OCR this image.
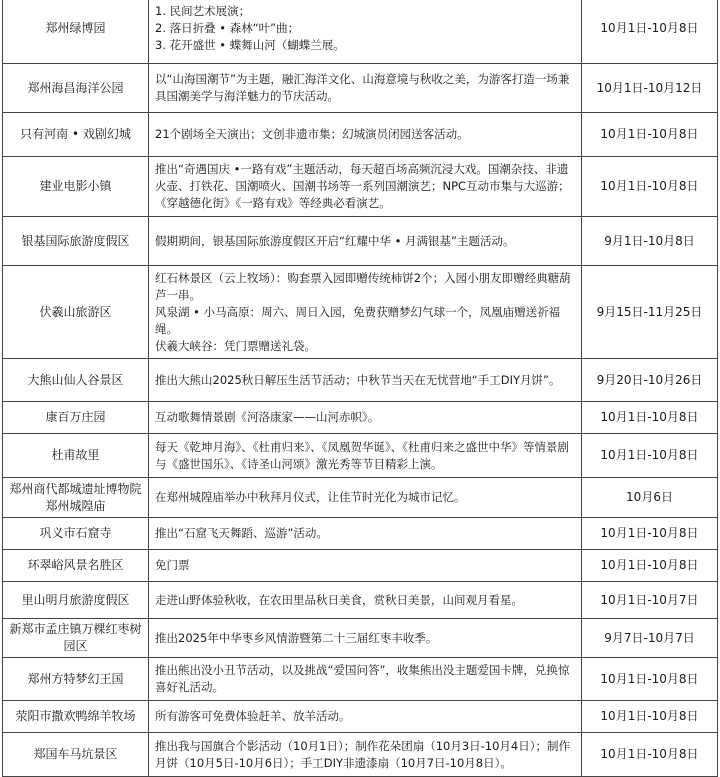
郑州绿博园	1. 民间艺术展演；
2. 落日折叠 • 森林“叶”曲；
3. 花开盛世 • 蝶舞山河（蝴蝶兰展。	10月1日-10月8日
郑州海昌海洋公园	以“山海国潮节”为主题，融汇海洋文化、山海意境与秋收之美，为游客打造一场兼具国潮美学与海洋魅力的节庆活动。	10月1日-10月12日
只有河南 • 戏剧幻城	21个剧场全天演出；文创非遗市集；幻城演员闭园送客活动。	10月1日-10月8日
建业电影小镇	推出“奇遇国庆 •一路有戏”主题活动，每天超百场高频沉浸大戏。国潮杂技、非遗火壶、打铁花、国潮喷火、国潮书场等一系列国潮演艺；NPC互动市集与大巡游；《穿越德化街》《一路有戏》等经典必看演艺。	10月1日-10月8日
银基国际旅游度假区	假期期间，银基国际旅游度假区开启“红耀中华 • 月满银基”主题活动。	9月1日-10月8日
伏羲山旅游区	红石林景区（云上牧场）：购套票入园即赠传统柿饼2个；入园小朋友即赠经典糖葫芦一串。
风泉湖 • 小马高原：周六、周日入园，免费获赠梦幻气球一个，凤凰庙赠送祈福绳。
伏羲大峡谷：凭门票赠送礼袋。	9月15日-11月25日
大熊山仙人谷景区	推出大熊山2025秋日解压生活节活动；中秋节当天在无忧营地“手工DIY月饼”。	9月20日-10月26日
康百万庄园	互动歌舞情景剧《河洛康家——山河赤帜》。	10月1日-10月8日
杜甫故里	每天《乾坤月海》、《杜甫归来》、《凤凰贺华诞》、《杜甫归来之盛世中华》等情景剧与《盛世国乐》、《诗圣山河颂》激光秀等节目精彩上演。	10月1日-10月8日
郑州商代都城遗址博物院郑州城隍庙	在郑州城隍庙举办中秋拜月仪式，让佳节时光化为城市记忆。	10月6日
巩义市石窟寺	推出“石窟飞天舞蹈、巡游”活动。	10月1日-10月8日
环翠峪风景名胜区	免门票	10月1日-10月8日
里山明月旅游度假区	走进山野体验秋收，在农田里品秋日美食，赏秋日美景，山间观月看星。	10月1日-10月7日
新郑市孟庄镇万棵红枣树园区	推出2025年中华枣乡风情游暨第二十三届红枣丰收季。	9月7日-10月7日
郑州方特梦幻王国	推出熊出没小丑节活动，以及挑战“爱国问答”，收集熊出没主题爱国卡牌，兑换惊喜好礼活动。	10月1日-10月8日
荥阳市撒欢鸭绵羊牧场	所有游客可免费体验赶羊、放羊活动。	10月1日-10月8日
郑国车马坑景区	推出我与国旗合个影活动（10月1日）；制作花朵团扇（10月3日-10月4日）；制作月饼（10月5日-10月6日）；手工DIY非遗漆扇（10月7日-10月8日）。	10月1日-10月8日
